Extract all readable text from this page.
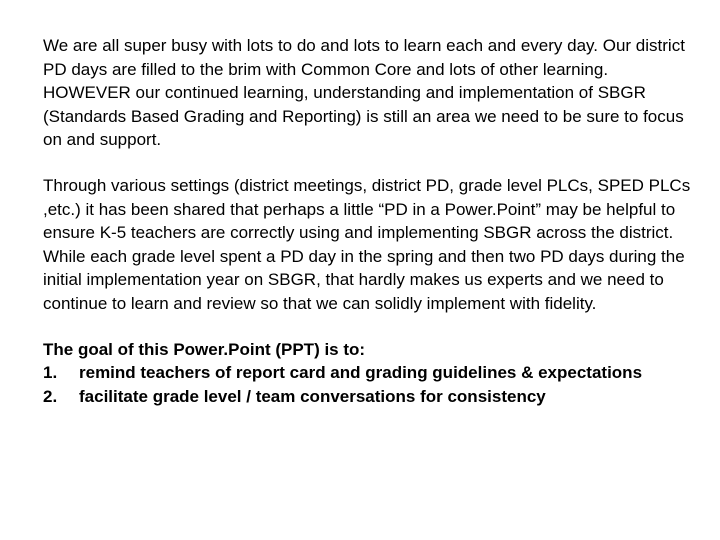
We are all super busy with lots to do and lots to learn each and every day. Our district PD days are filled to the brim with Common Core and lots of other learning. HOWEVER our continued learning, understanding and implementation of SBGR (Standards Based Grading and Reporting) is still an area we need to be sure to focus on and support.

Through various settings (district meetings, district PD, grade level PLCs, SPED PLCs ,etc.) it has been shared that perhaps a little “PD in a Power.Point” may be helpful to ensure K-5 teachers are correctly using and implementing SBGR across the district. While each grade level spent a PD day in the spring and then two PD days during the initial implementation year on SBGR, that hardly makes us experts and we need to continue to learn and review so that we can solidly implement with fidelity.

The goal of this Power.Point (PPT) is to:

1.	remind teachers of report card and grading guidelines & expectations
2.	facilitate grade level / team conversations for consistency
